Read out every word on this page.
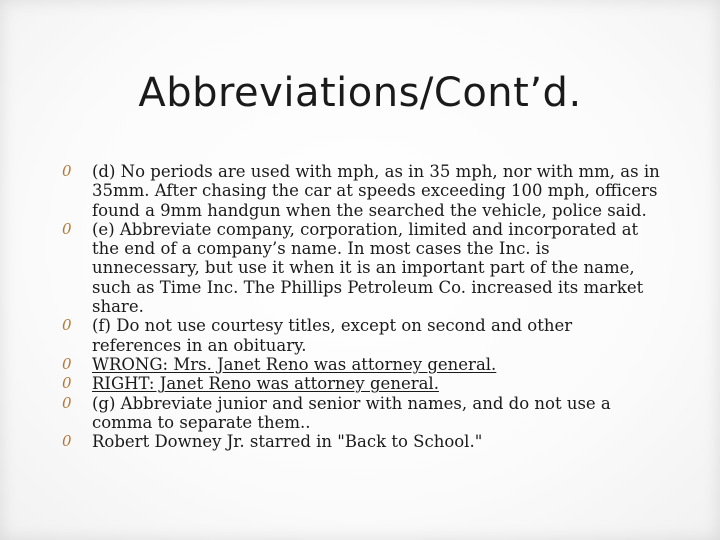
Abbreviations/Cont’d.
0 (d) No periods are used with mph, as in 35 mph, nor with mm, as in 35mm. After chasing the car at speeds exceeding 100 mph, officers found a 9mm handgun when the searched the vehicle, police said.
0 (e) Abbreviate company, corporation, limited and incorporated at the end of a company’s name. In most cases the Inc. is unnecessary, but use it when it is an important part of the name, such as Time Inc. The Phillips Petroleum Co. increased its market share.
0 (f) Do not use courtesy titles, except on second and other references in an obituary.
0 WRONG: Mrs. Janet Reno was attorney general.
0 RIGHT: Janet Reno was attorney general.
0 (g) Abbreviate junior and senior with names, and do not use a comma to separate them..
0 Robert Downey Jr. starred in "Back to School."
